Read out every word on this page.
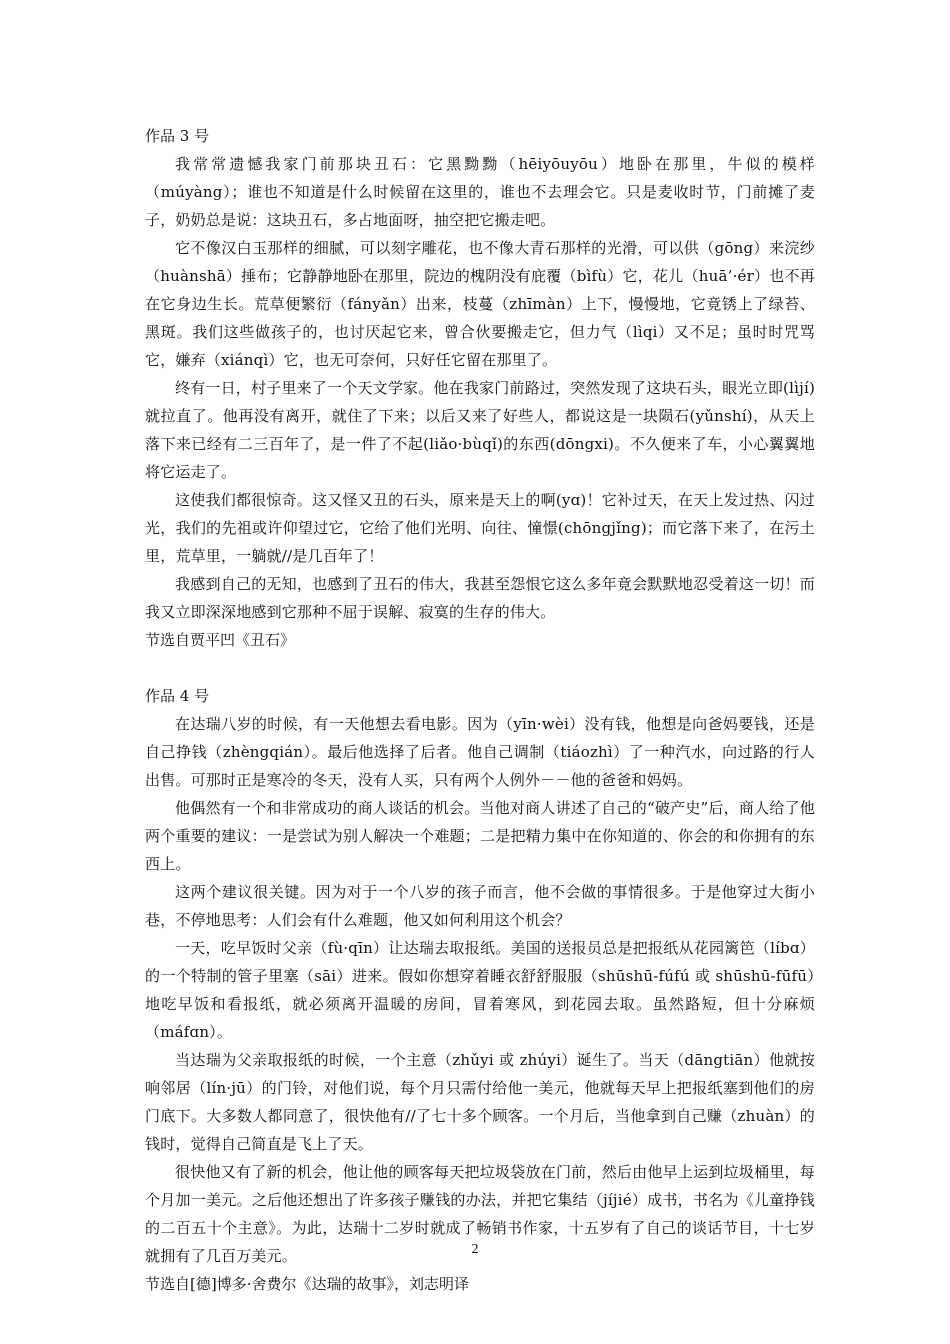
作品 3 号

我常常遗憾我家门前那块丑石：它黑黝黝（hēiyōuyōu）地卧在那里，牛似的模样（múyàng）；谁也不知道是什么时候留在这里的，谁也不去理会它。只是麦收时节，门前摊了麦子，奶奶总是说：这块丑石，多占地面呀，抽空把它搬走吧。

它不像汉白玉那样的细腻，可以刻字雕花，也不像大青石那样的光滑，可以供（gōng）来浣纱（huànshā）捶布；它静静地卧在那里，院边的槐阴没有庇覆（bìfù）它，花儿（huā’·ér）也不再在它身边生长。荒草便繁衍（fányǎn）出来，枝蔓（zhīmàn）上下，慢慢地，它竟锈上了绿苔、黑斑。我们这些做孩子的，也讨厌起它来，曾合伙要搬走它，但力气（lìqi）又不足；虽时时咒骂它，嫌弃（xiánqì）它，也无可奈何，只好任它留在那里了。

终有一日，村子里来了一个天文学家。他在我家门前路过，突然发现了这块石头，眼光立即(lìjí)就拉直了。他再没有离开，就住了下来；以后又来了好些人，都说这是一块陨石(yǔnshí)，从天上落下来已经有二三百年了，是一件了不起(liǎo·bùqǐ)的东西(dōngxi)。不久便来了车，小心翼翼地将它运走了。

这使我们都很惊奇。这又怪又丑的石头，原来是天上的啊(yɑ)！它补过天，在天上发过热、闪过光，我们的先祖或许仰望过它，它给了他们光明、向往、憧憬(chōngjǐng)；而它落下来了，在污土里，荒草里，一躺就//是几百年了！

我感到自己的无知，也感到了丑石的伟大，我甚至怨恨它这么多年竟会默默地忍受着这一切！而我又立即深深地感到它那种不屈于误解、寂寞的生存的伟大。

节选自贾平凹《丑石》

作品 4 号

在达瑞八岁的时候，有一天他想去看电影。因为（yīn·wèi）没有钱，他想是向爸妈要钱，还是自己挣钱（zhèngqián）。最后他选择了后者。他自己调制（tiáozhì）了一种汽水，向过路的行人出售。可那时正是寒冷的冬天，没有人买，只有两个人例外－－他的爸爸和妈妈。

他偶然有一个和非常成功的商人谈话的机会。当他对商人讲述了自己的“破产史”后，商人给了他两个重要的建议：一是尝试为别人解决一个难题；二是把精力集中在你知道的、你会的和你拥有的东西上。

这两个建议很关键。因为对于一个八岁的孩子而言，他不会做的事情很多。于是他穿过大街小巷，不停地思考：人们会有什么难题，他又如何利用这个机会？

一天，吃早饭时父亲（fù·qīn）让达瑞去取报纸。美国的送报员总是把报纸从花园篱笆（líbɑ）的一个特制的管子里塞（sāi）进来。假如你想穿着睡衣舒舒服服（shūshū-fúfú 或 shūshū-fūfū）地吃早饭和看报纸，就必须离开温暖的房间，冒着寒风，到花园去取。虽然路短，但十分麻烦（máfɑn）。

当达瑞为父亲取报纸的时候，一个主意（zhǔyi 或 zhúyi）诞生了。当天（dāngtiān）他就按响邻居（lín·jū）的门铃，对他们说，每个月只需付给他一美元，他就每天早上把报纸塞到他们的房门底下。大多数人都同意了，很快他有//了七十多个顾客。一个月后，当他拿到自己赚（zhuàn）的钱时，觉得自己简直是飞上了天。

很快他又有了新的机会，他让他的顾客每天把垃圾袋放在门前，然后由他早上运到垃圾桶里，每个月加一美元。之后他还想出了许多孩子赚钱的办法，并把它集结（jíjié）成书，书名为《儿童挣钱的二百五十个主意》。为此，达瑞十二岁时就成了畅销书作家，十五岁有了自己的谈话节目，十七岁就拥有了几百万美元。

节选自[德]博多·舍费尔《达瑞的故事》，刘志明译

2
